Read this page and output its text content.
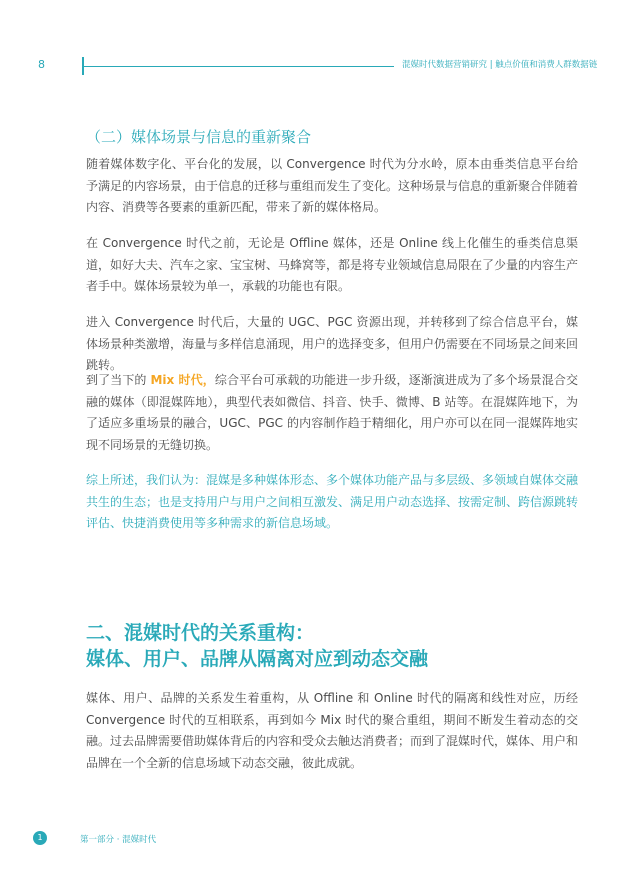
8	混媒时代数据营销研究 | 触点价值和消费人群数据链
（二）媒体场景与信息的重新聚合

随着媒体数字化、平台化的发展，以 Convergence 时代为分水岭，原本由垂类信息平台给予满足的内容场景，由于信息的迁移与重组而发生了变化。这种场景与信息的重新聚合伴随着内容、消费等各要素的重新匹配，带来了新的媒体格局。

在 Convergence 时代之前，无论是 Offline 媒体，还是 Online 线上化催生的垂类信息渠道，如好大夫、汽车之家、宝宝树、马蜂窝等，都是将专业领域信息局限在了少量的内容生产者手中。媒体场景较为单一，承载的功能也有限。

进入 Convergence 时代后，大量的 UGC、PGC 资源出现，并转移到了综合信息平台，媒体场景种类激增，海量与多样信息涌现，用户的选择变多，但用户仍需要在不同场景之间来回跳转。

到了当下的 Mix 时代，综合平台可承载的功能进一步升级，逐渐演进成为了多个场景混合交融的媒体（即混媒阵地），典型代表如微信、抖音、快手、微博、B 站等。在混媒阵地下，为了适应多重场景的融合，UGC、PGC 的内容制作趋于精细化，用户亦可以在同一混媒阵地实现不同场景的无缝切换。

综上所述，我们认为：混媒是多种媒体形态、多个媒体功能产品与多层级、多领域自媒体交融共生的生态；也是支持用户与用户之间相互激发、满足用户动态选择、按需定制、跨信源跳转评估、快捷消费使用等多种需求的新信息场域。

二、混媒时代的关系重构：
媒体、用户、品牌从隔离对应到动态交融

媒体、用户、品牌的关系发生着重构，从 Offline 和 Online 时代的隔离和线性对应，历经 Convergence 时代的互相联系，再到如今 Mix 时代的聚合重组，期间不断发生着动态的交融。过去品牌需要借助媒体背后的内容和受众去触达消费者；而到了混媒时代，媒体、用户和品牌在一个全新的信息场域下动态交融，彼此成就。

1	第一部分 · 混媒时代
